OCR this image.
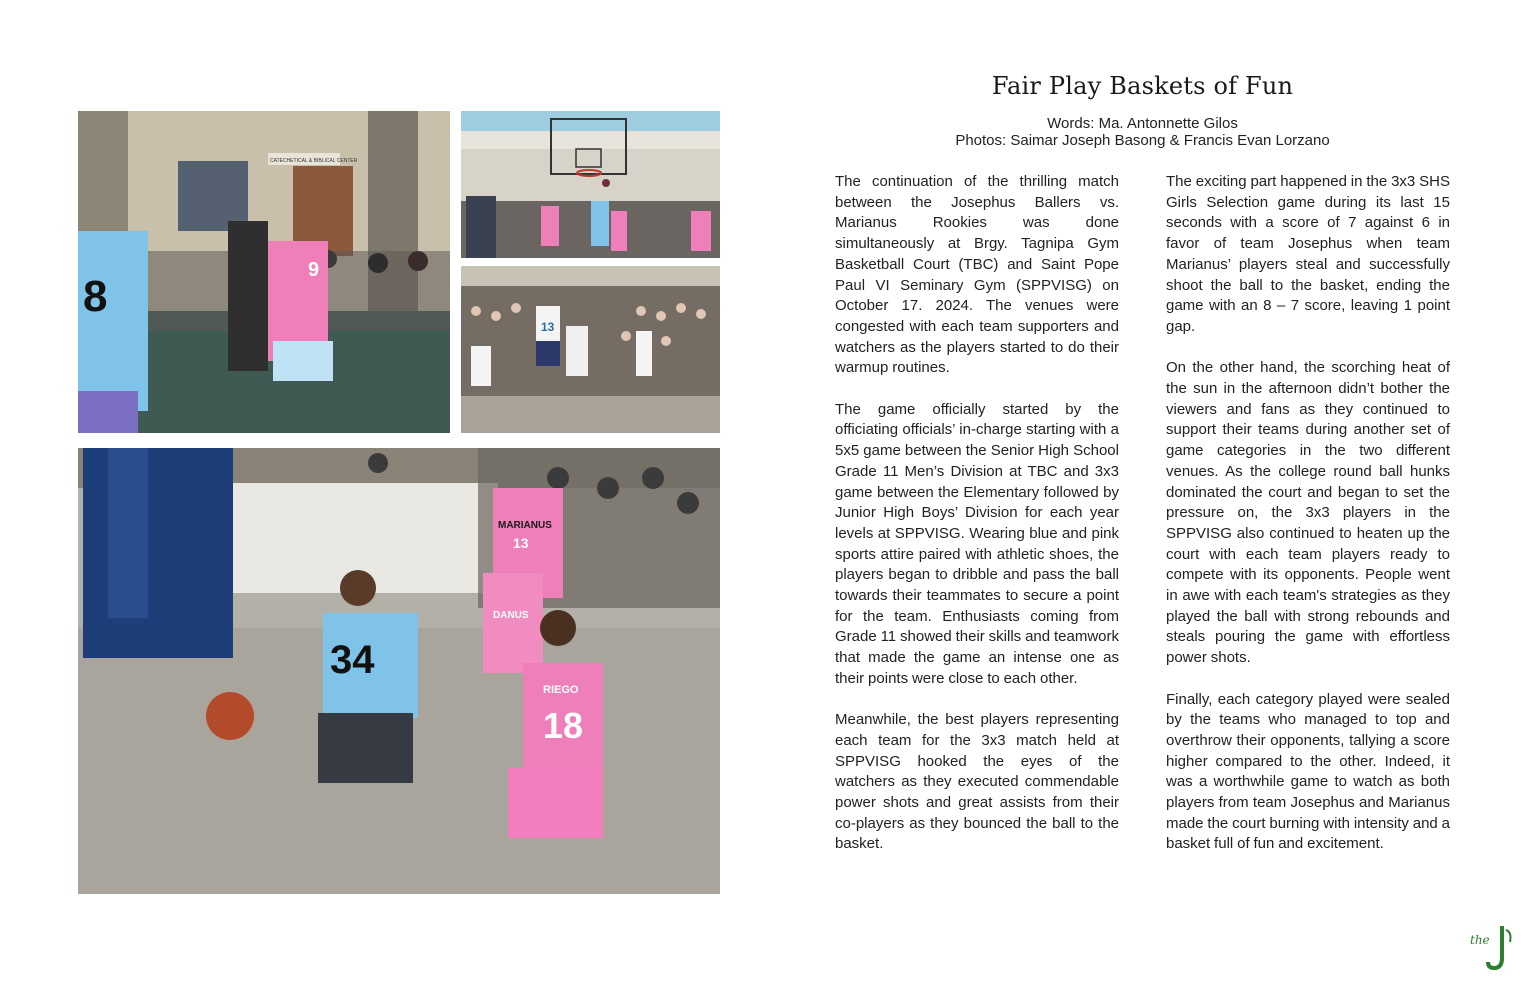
CATECHETICAL & BIBLICAL CENTER
8
9
13
MARIANUS
13
DANUS
34
RIEGO
18
Fair Play Baskets of Fun
Words: Ma. Antonnette Gilos
Photos: Saimar Joseph Basong & Francis Evan Lorzano

The continuation of the thrilling match between the Josephus Ballers vs. Marianus Rookies was done simultaneously at Brgy. Tagnipa Gym Basketball Court (TBC) and Saint Pope Paul VI Seminary Gym (SPPVISG) on October 17. 2024. The venues were congested with each team supporters and watchers as the players started to do their warmup routines.

The game officially started by the officiating officials’ in-charge starting with a 5x5 game between the Senior High School Grade 11 Men’s Division at TBC and 3x3 game between the Elementary followed by Junior High Boys’ Division for each year levels at SPPVISG. Wearing blue and pink sports attire paired with athletic shoes, the players began to dribble and pass the ball towards their teammates to secure a point for the team. Enthusiasts coming from Grade 11 showed their skills and teamwork that made the game an intense one as their points were close to each other.

Meanwhile, the best players representing each team for the 3x3 match held at SPPVISG hooked the eyes of the watchers as they executed commendable power shots and great assists from their co-players as they bounced the ball to the basket.

The exciting part happened in the 3x3 SHS Girls Selection game during its last 15 seconds with a score of 7 against 6 in favor of team Josephus when team Marianus’ players steal and successfully shoot the ball to the basket, ending the game with an 8 – 7 score, leaving 1 point gap.

On the other hand, the scorching heat of the sun in the afternoon didn’t bother the viewers and fans as they continued to support their teams during another set of game categories in the two different venues. As the college round ball hunks dominated the court and began to set the pressure on, the 3x3 players in the SPPVISG also continued to heaten up the court with each team players ready to compete with its opponents. People went in awe with each team's strategies as they played the ball with strong rebounds and steals pouring the game with effortless power shots.

Finally, each category played were sealed by the teams who managed to top and overthrow their opponents, tallying a score higher compared to the other. Indeed, it was a worthwhile game to watch as both players from team Josephus and Marianus made the court burning with intensity and a basket full of fun and excitement.

the
